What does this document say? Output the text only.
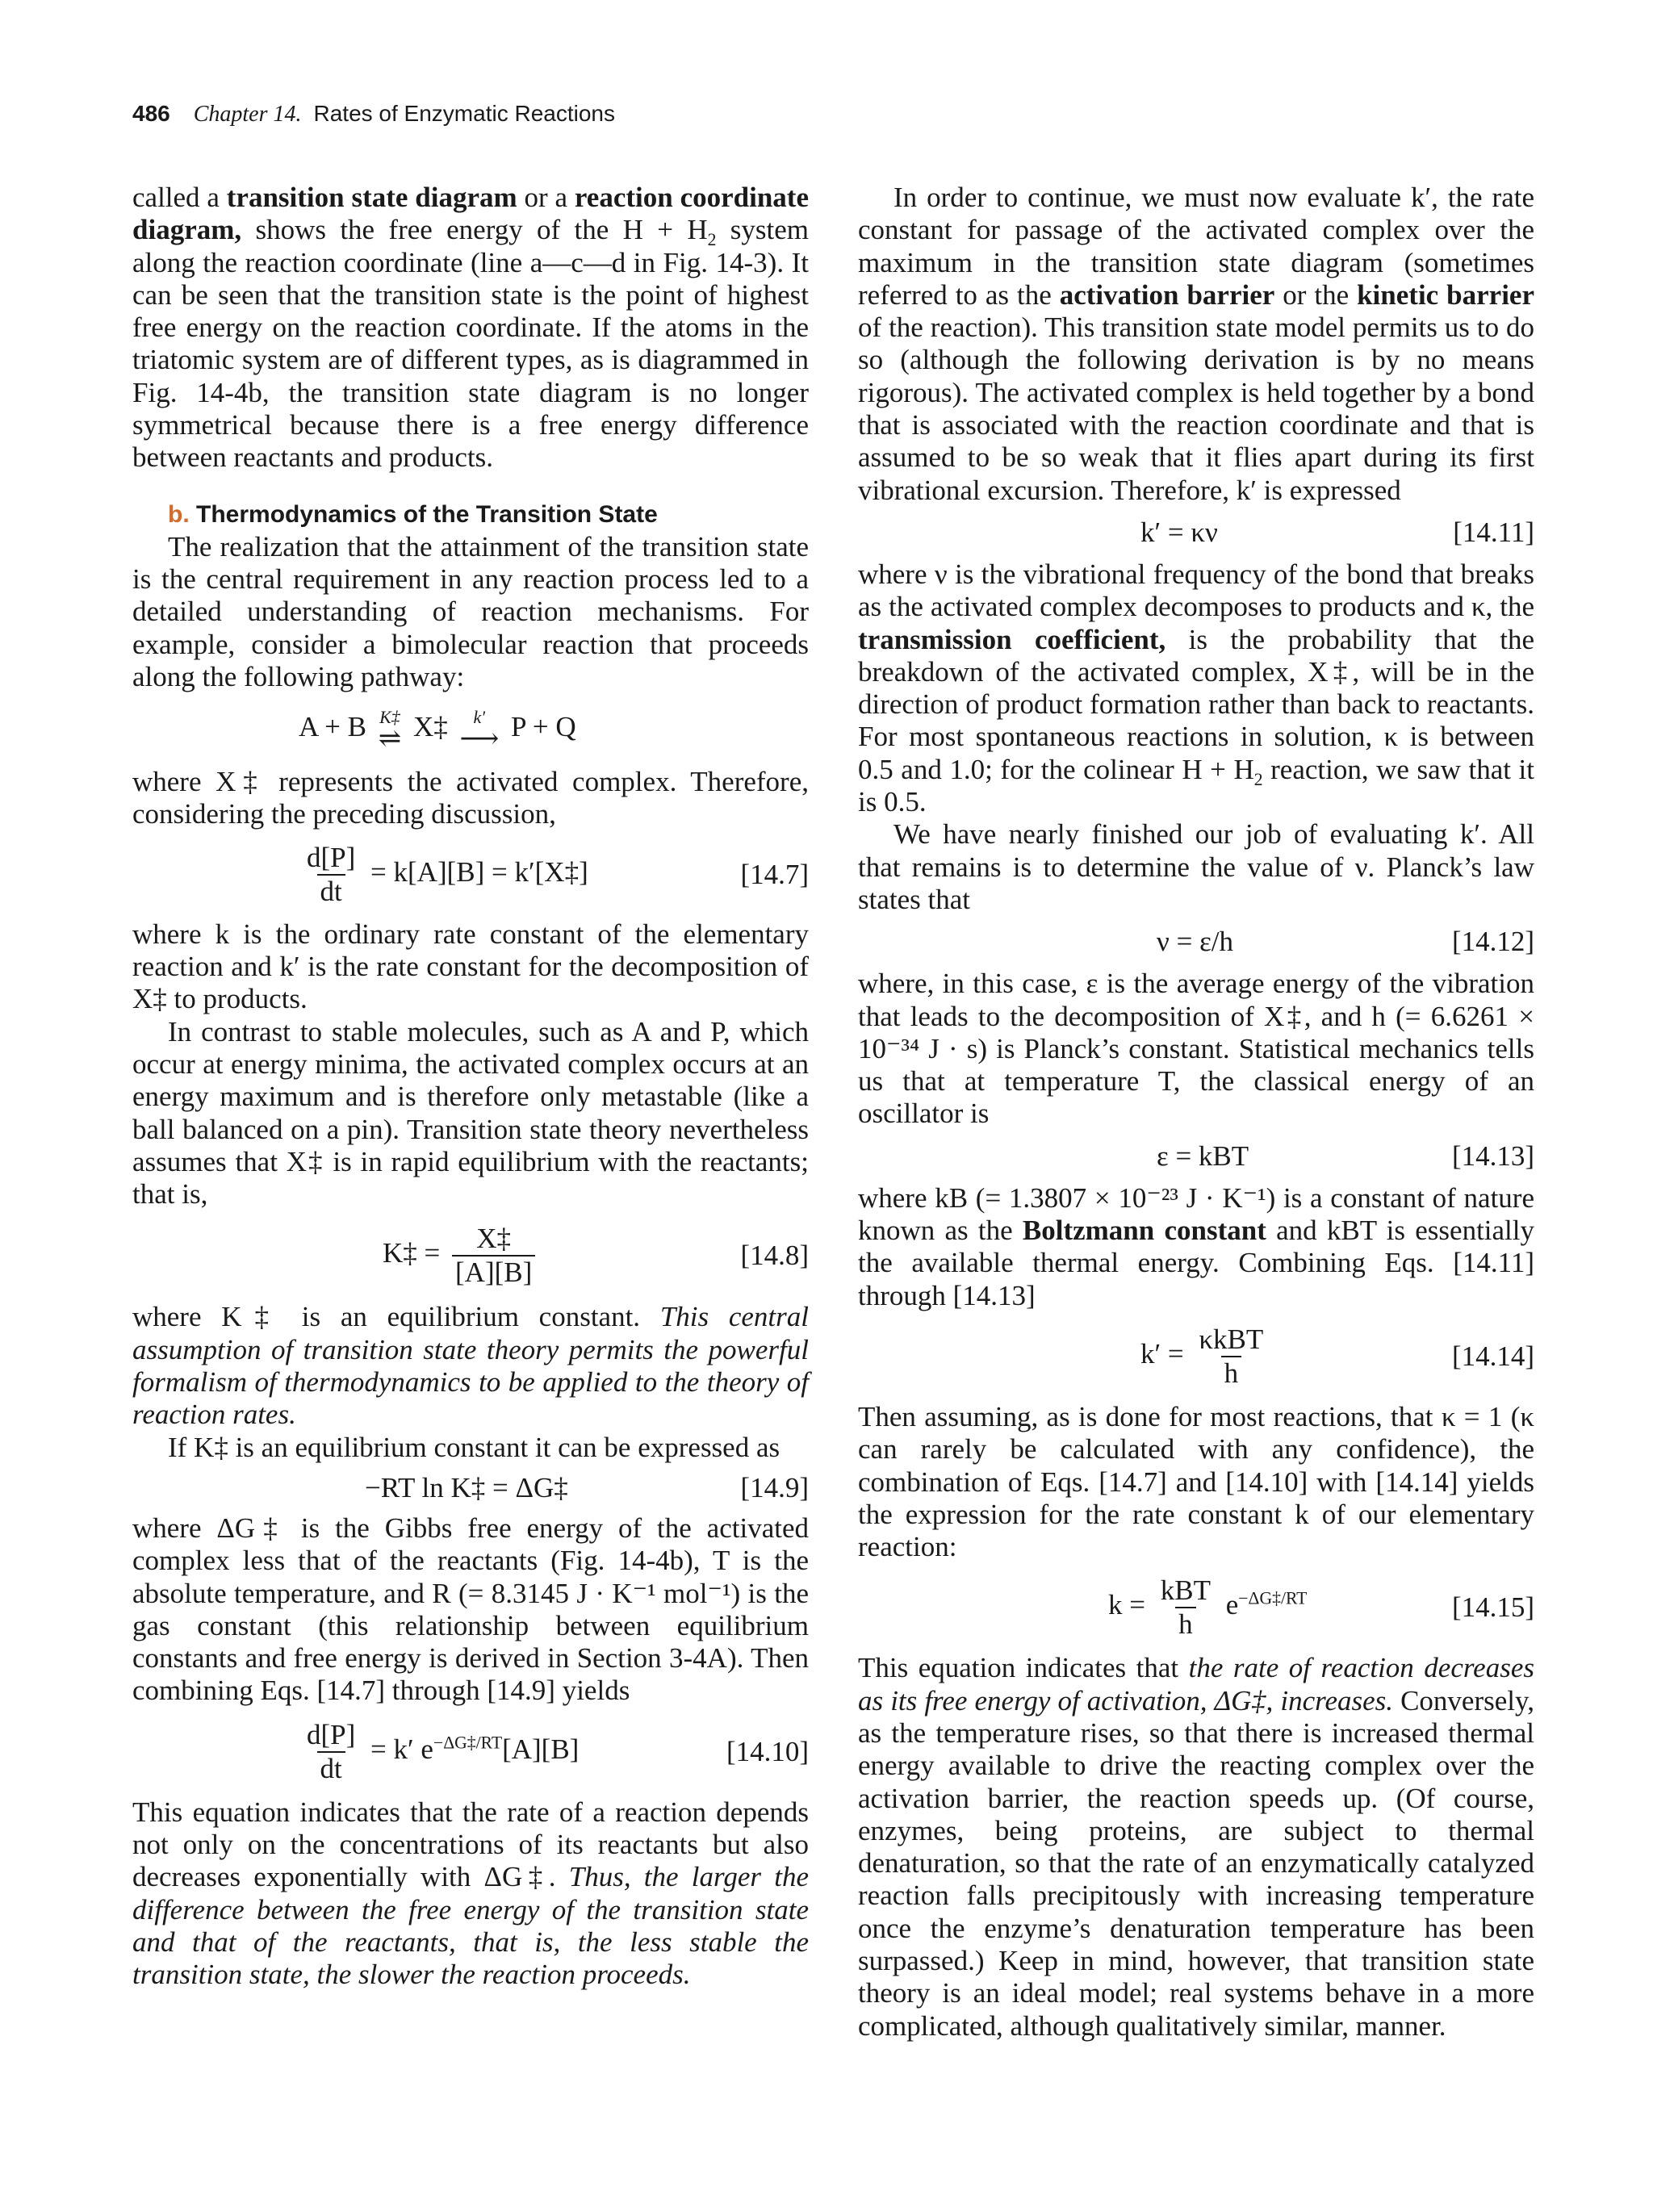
486 Chapter 14. Rates of Enzymatic Reactions

called a transition state diagram or a reaction coordinate diagram, shows the free energy of the $H + H_2$ system along the reaction coordinate (line a—c—d in Fig. 14-3). It can be seen that the transition state is the point of highest free energy on the reaction coordinate. If the atoms in the triatomic system are of different types, as is diagrammed in Fig. 14-4b, the transition state diagram is no longer symmetrical because there is a free energy difference between reactants and products.

b. Thermodynamics of the Transition State

The realization that the attainment of the transition state is the central requirement in any reaction process led to a detailed understanding of reaction mechanisms. For example, consider a bimolecular reaction that proceeds along the following pathway:

A + B K‡
⇌ X‡ k′
⟶ P + Q

where X‡ represents the activated complex. Therefore, considering the preceding discussion,

$\frac{d[P]}{dt} = k[A][B]$ = k′[X‡]	[14.7]

where k is the ordinary rate constant of the elementary reaction and k′ is the rate constant for the decomposition of X‡ to products.

In contrast to stable molecules, such as A and P, which occur at energy minima, the activated complex occurs at an energy maximum and is therefore only metastable (like a ball balanced on a pin). Transition state theory nevertheless assumes that X‡ is in rapid equilibrium with the reactants; that is,

K‡ = $\frac{X\ddagger}{[A][B]}$	[14.8]

where K‡ is an equilibrium constant. This central assumption of transition state theory permits the powerful formalism of thermodynamics to be applied to the theory of reaction rates.

If K‡ is an equilibrium constant it can be expressed as

−RT ln K‡ = ΔG‡	[14.9]

where ΔG‡ is the Gibbs free energy of the activated complex less that of the reactants (Fig. 14-4b), T is the absolute temperature, and R (= 8.3145 J · K⁻¹ mol⁻¹) is the gas constant (this relationship between equilibrium constants and free energy is derived in Section 3-4A). Then combining Eqs. [14.7] through [14.9] yields

$\frac{d[P]}{dt} = k'$ $e^{-\Delta G\ddagger/RT}[A][B]$	[14.10]

This equation indicates that the rate of a reaction depends not only on the concentrations of its reactants but also decreases exponentially with ΔG‡. Thus, the larger the difference between the free energy of the transition state and that of the reactants, that is, the less stable the transition state, the slower the reaction proceeds.

In order to continue, we must now evaluate k′, the rate constant for passage of the activated complex over the maximum in the transition state diagram (sometimes referred to as the activation barrier or the kinetic barrier of the reaction). This transition state model permits us to do so (although the following derivation is by no means rigorous). The activated complex is held together by a bond that is associated with the reaction coordinate and that is assumed to be so weak that it flies apart during its first vibrational excursion. Therefore, k′ is expressed

k′ = κν	[14.11]

where ν is the vibrational frequency of the bond that breaks as the activated complex decomposes to products and κ, the transmission coefficient, is the probability that the breakdown of the activated complex, X‡, will be in the direction of product formation rather than back to reactants. For most spontaneous reactions in solution, κ is between 0.5 and 1.0; for the colinear $H + H_2$ reaction, we saw that it is 0.5.

We have nearly finished our job of evaluating k′. All that remains is to determine the value of ν. Planck’s law states that

ν = ε/h	[14.12]

where, in this case, ε is the average energy of the vibration that leads to the decomposition of X‡, and h (= 6.6261 × 10⁻³⁴ J · s) is Planck’s constant. Statistical mechanics tells us that at temperature T, the classical energy of an oscillator is

ε = kBT	[14.13]

where kB (= 1.3807 × 10⁻²³ J · K⁻¹) is a constant of nature known as the Boltzmann constant and kBT is essentially the available thermal energy. Combining Eqs. [14.11] through [14.13]

$k' = \frac{\text{κkBT}}{h}$	[14.14]

Then assuming, as is done for most reactions, that κ = 1 (κ can rarely be calculated with any confidence), the combination of Eqs. [14.7] and [14.10] with [14.14] yields the expression for the rate constant k of our elementary reaction:

$k = \frac{\text{kBT}}{h} e^{-\Delta G\ddagger/RT}$	[14.15]

This equation indicates that the rate of reaction decreases as its free energy of activation, ΔG‡, increases. Conversely, as the temperature rises, so that there is increased thermal energy available to drive the reacting complex over the activation barrier, the reaction speeds up. (Of course, enzymes, being proteins, are subject to thermal denaturation, so that the rate of an enzymatically catalyzed reaction falls precipitously with increasing temperature once the enzyme’s denaturation temperature has been surpassed.) Keep in mind, however, that transition state theory is an ideal model; real systems behave in a more complicated, although qualitatively similar, manner.
